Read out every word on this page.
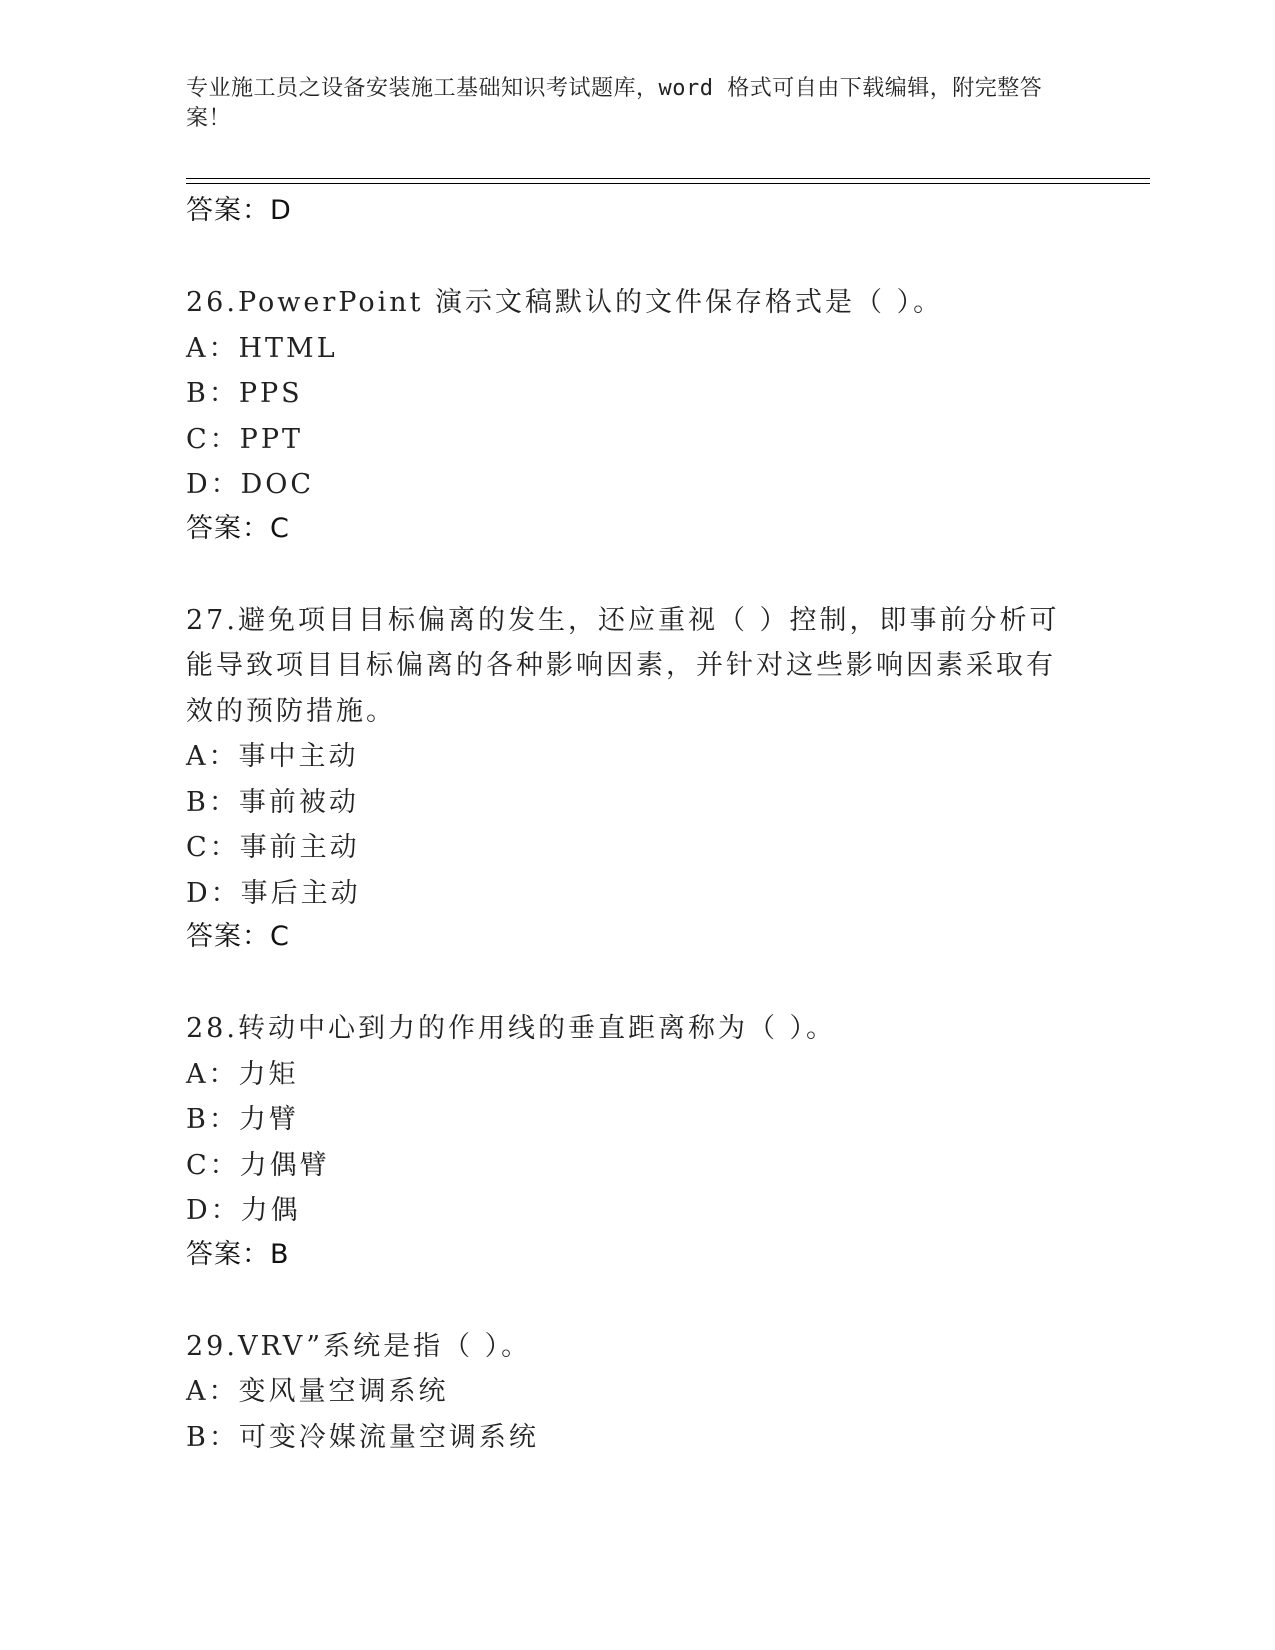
专业施工员之设备安装施工基础知识考试题库，word 格式可自由下载编辑，附完整答案！
答案：D
26.PowerPoint 演示文稿默认的文件保存格式是（ ）。
A：HTML
B：PPS
C：PPT
D：DOC
答案：C
27.避免项目目标偏离的发生，还应重视（ ）控制，即事前分析可能导致项目目标偏离的各种影响因素，并针对这些影响因素采取有效的预防措施。
A：事中主动
B：事前被动
C：事前主动
D：事后主动
答案：C
28.转动中心到力的作用线的垂直距离称为（ ）。
A：力矩
B：力臂
C：力偶臂
D：力偶
答案：B
29.VRV”系统是指（ ）。
A：变风量空调系统
B：可变冷媒流量空调系统
